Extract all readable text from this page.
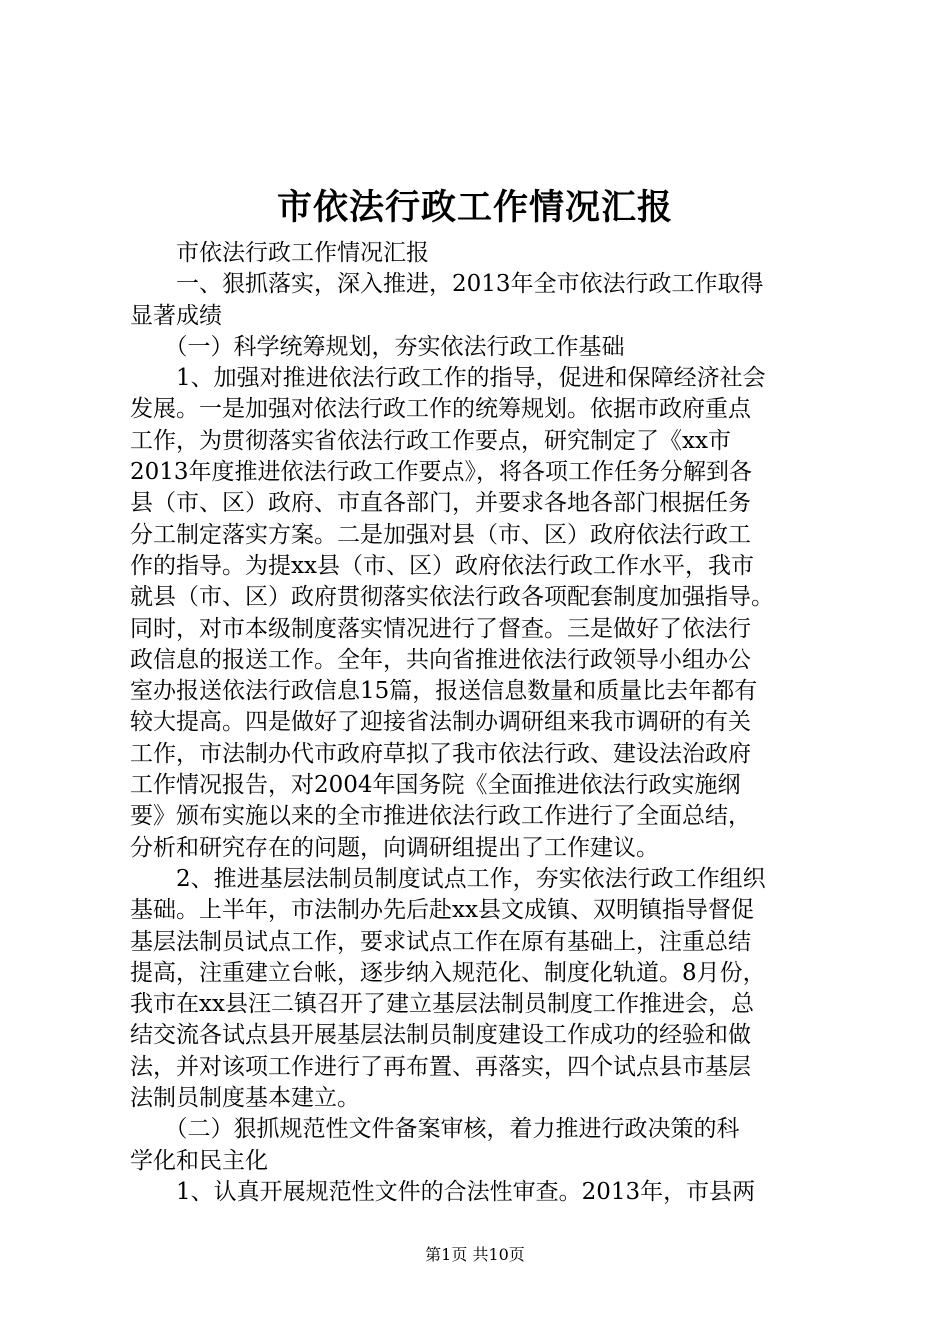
市依法行政工作情况汇报
　　市依法行政工作情况汇报
　　一、狠抓落实，深入推进，2013年全市依法行政工作取得
显著成绩
　　（一）科学统筹规划，夯实依法行政工作基础
　　1、加强对推进依法行政工作的指导，促进和保障经济社会
发展。一是加强对依法行政工作的统筹规划。依据市政府重点
工作，为贯彻落实省依法行政工作要点，研究制定了《xx市
2013年度推进依法行政工作要点》，将各项工作任务分解到各
县（市、区）政府、市直各部门，并要求各地各部门根据任务
分工制定落实方案。二是加强对县（市、区）政府依法行政工
作的指导。为提xx县（市、区）政府依法行政工作水平，我市
就县（市、区）政府贯彻落实依法行政各项配套制度加强指导。
同时，对市本级制度落实情况进行了督查。三是做好了依法行
政信息的报送工作。全年，共向省推进依法行政领导小组办公
室办报送依法行政信息15篇，报送信息数量和质量比去年都有
较大提高。四是做好了迎接省法制办调研组来我市调研的有关
工作，市法制办代市政府草拟了我市依法行政、建设法治政府
工作情况报告，对2004年国务院《全面推进依法行政实施纲
要》颁布实施以来的全市推进依法行政工作进行了全面总结，
分析和研究存在的问题，向调研组提出了工作建议。
　　2、推进基层法制员制度试点工作，夯实依法行政工作组织
基础。上半年，市法制办先后赴xx县文成镇、双明镇指导督促
基层法制员试点工作，要求试点工作在原有基础上，注重总结
提高，注重建立台帐，逐步纳入规范化、制度化轨道。8月份，
我市在xx县汪二镇召开了建立基层法制员制度工作推进会，总
结交流各试点县开展基层法制员制度建设工作成功的经验和做
法，并对该项工作进行了再布置、再落实，四个试点县市基层
法制员制度基本建立。
　　（二）狠抓规范性文件备案审核，着力推进行政决策的科
学化和民主化
　　1、认真开展规范性文件的合法性审查。2013年，市县两
第1页 共10页
